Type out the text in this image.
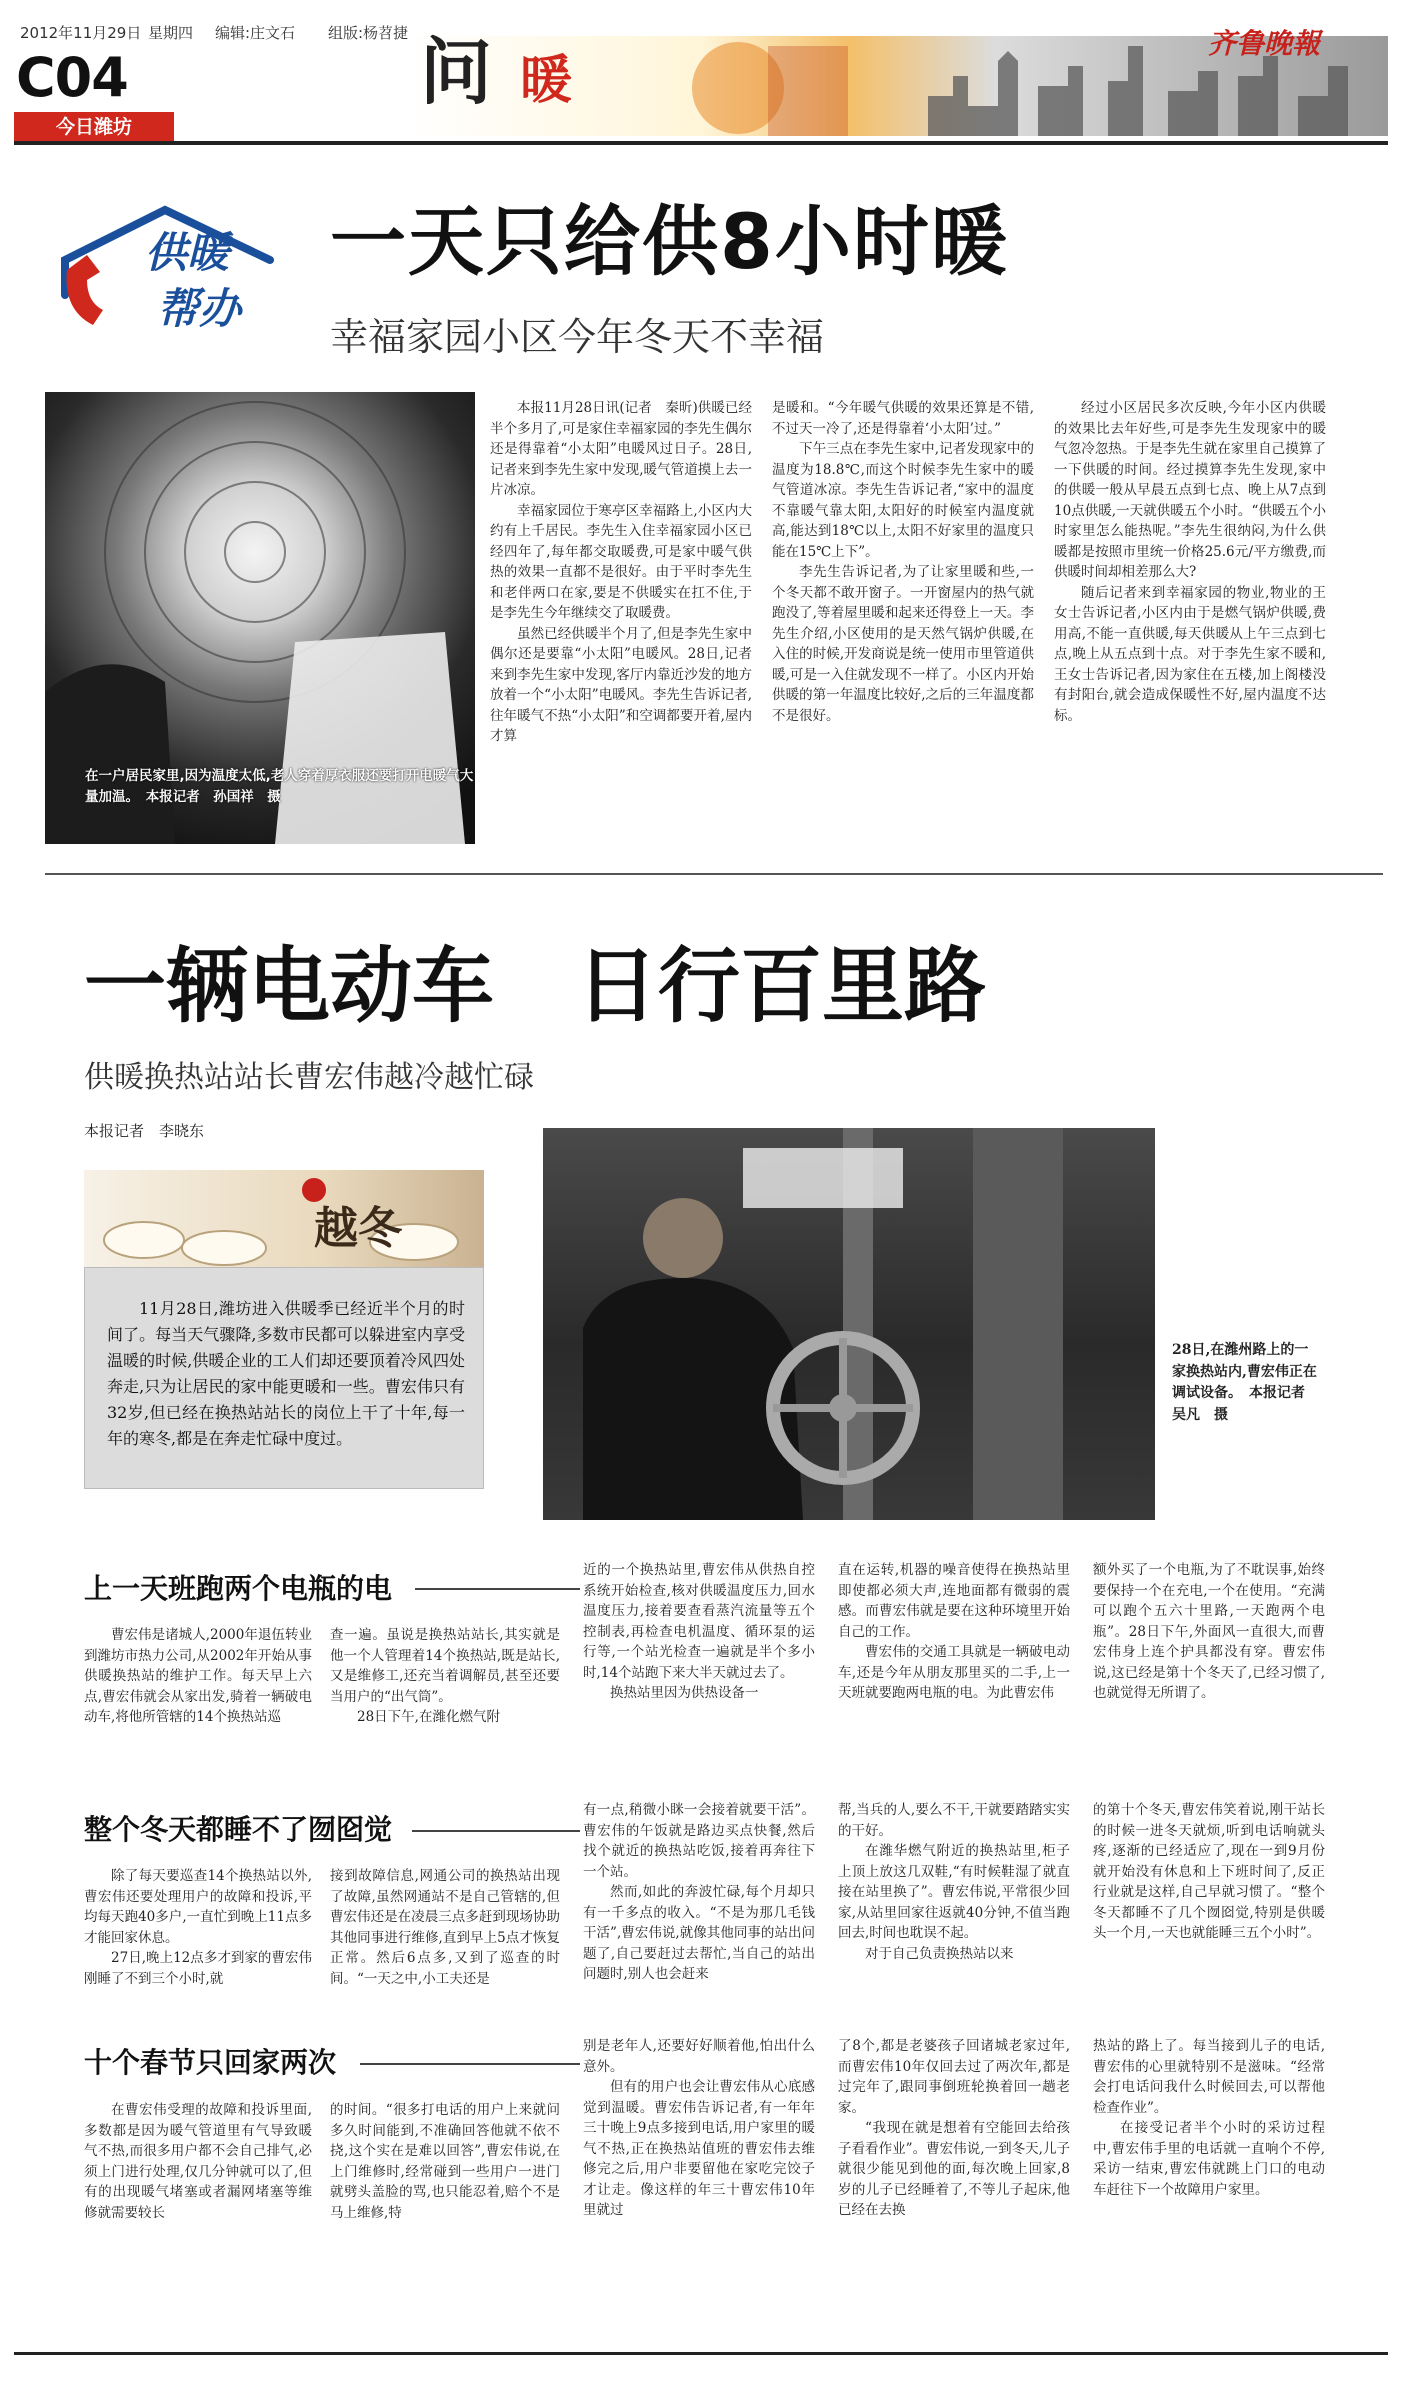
2012年11月29日 星期四 编辑:庄文石 组版:杨苕捷
C04
今日潍坊
问 暖
齐鲁晚報
供暖
帮办
一天只给供8小时暖
幸福家园小区今年冬天不幸福
在一户居民家里,因为温度太低,老人穿着厚衣服还要打开电暖气大量加温。　本报记者　孙国祥　摄

本报11月28日讯(记者　秦昕)供暖已经半个多月了,可是家住幸福家园的李先生偶尔还是得靠着“小太阳”电暖风过日子。28日,记者来到李先生家中发现,暖气管道摸上去一片冰凉。

幸福家园位于寒亭区幸福路上,小区内大约有上千居民。李先生入住幸福家园小区已经四年了,每年都交取暖费,可是家中暖气供热的效果一直都不是很好。由于平时李先生和老伴两口在家,要是不供暖实在扛不住,于是李先生今年继续交了取暖费。

虽然已经供暖半个月了,但是李先生家中偶尔还是要靠“小太阳”电暖风。28日,记者来到李先生家中发现,客厅内靠近沙发的地方放着一个“小太阳”电暖风。李先生告诉记者,往年暖气不热“小太阳”和空调都要开着,屋内才算

是暖和。“今年暖气供暖的效果还算是不错,不过天一冷了,还是得靠着‘小太阳’过。”

下午三点在李先生家中,记者发现家中的温度为18.8℃,而这个时候李先生家中的暖气管道冰凉。李先生告诉记者,“家中的温度不靠暖气靠太阳,太阳好的时候室内温度就高,能达到18℃以上,太阳不好家里的温度只能在15℃上下”。

李先生告诉记者,为了让家里暖和些,一个冬天都不敢开窗子。一开窗屋内的热气就跑没了,等着屋里暖和起来还得登上一天。李先生介绍,小区使用的是天然气锅炉供暖,在入住的时候,开发商说是统一使用市里管道供暖,可是一入住就发现不一样了。小区内开始供暖的第一年温度比较好,之后的三年温度都不是很好。

经过小区居民多次反映,今年小区内供暖的效果比去年好些,可是李先生发现家中的暖气忽冷忽热。于是李先生就在家里自己摸算了一下供暖的时间。经过摸算李先生发现,家中的供暖一般从早晨五点到七点、晚上从7点到10点供暖,一天就供暖五个小时。“供暖五个小时家里怎么能热呢。”李先生很纳闷,为什么供暖都是按照市里统一价格25.6元/平方缴费,而供暖时间却相差那么大?

随后记者来到幸福家园的物业,物业的王女士告诉记者,小区内由于是燃气锅炉供暖,费用高,不能一直供暖,每天供暖从上午三点到七点,晚上从五点到十点。对于李先生家不暖和,王女士告诉记者,因为家住在五楼,加上阁楼没有封阳台,就会造成保暖性不好,屋内温度不达标。

一辆电动车　日行百里路
供暖换热站站长曹宏伟越冷越忙碌
本报记者　李晓东
越冬
11月28日,潍坊进入供暖季已经近半个月的时间了。每当天气骤降,多数市民都可以躲进室内享受温暖的时候,供暖企业的工人们却还要顶着冷风四处奔走,只为让居民的家中能更暖和一些。曹宏伟只有32岁,但已经在换热站站长的岗位上干了十年,每一年的寒冬,都是在奔走忙碌中度过。
28日,在潍州路上的一家换热站内,曹宏伟正在调试设备。　本报记者　吴凡　摄
上一天班跑两个电瓶的电

曹宏伟是诸城人,2000年退伍转业到潍坊市热力公司,从2002年开始从事供暖换热站的维护工作。每天早上六点,曹宏伟就会从家出发,骑着一辆破电动车,将他所管辖的14个换热站巡

查一遍。虽说是换热站站长,其实就是他一个人管理着14个换热站,既是站长,又是维修工,还充当着调解员,甚至还要当用户的“出气筒”。

28日下午,在潍化燃气附

近的一个换热站里,曹宏伟从供热自控系统开始检查,核对供暖温度压力,回水温度压力,接着要查看蒸汽流量等五个控制表,再检查电机温度、循环泵的运行等,一个站光检查一遍就是半个多小时,14个站跑下来大半天就过去了。

换热站里因为供热设备一

直在运转,机器的噪音使得在换热站里即使都必须大声,连地面都有微弱的震感。而曹宏伟就是要在这种环境里开始自己的工作。

曹宏伟的交通工具就是一辆破电动车,还是今年从朋友那里买的二手,上一天班就要跑两电瓶的电。为此曹宏伟

额外买了一个电瓶,为了不耽误事,始终要保持一个在充电,一个在使用。“充满可以跑个五六十里路,一天跑两个电瓶”。28日下午,外面风一直很大,而曹宏伟身上连个护具都没有穿。曹宏伟说,这已经是第十个冬天了,已经习惯了,也就觉得无所谓了。

整个冬天都睡不了囫囵觉

除了每天要巡查14个换热站以外,曹宏伟还要处理用户的故障和投诉,平均每天跑40多户,一直忙到晚上11点多才能回家休息。

27日,晚上12点多才到家的曹宏伟刚睡了不到三个小时,就

接到故障信息,网通公司的换热站出现了故障,虽然网通站不是自己管辖的,但曹宏伟还是在凌晨三点多赶到现场协助其他同事进行维修,直到早上5点才恢复正常。然后6点多,又到了巡查的时间。“一天之中,小工夫还是

有一点,稍微小眯一会接着就要干活”。曹宏伟的午饭就是路边买点快餐,然后找个就近的换热站吃饭,接着再奔往下一个站。

然而,如此的奔波忙碌,每个月却只有一千多点的收入。“不是为那几毛钱干活”,曹宏伟说,就像其他同事的站出问题了,自己要赶过去帮忙,当自己的站出问题时,别人也会赶来

帮,当兵的人,要么不干,干就要踏踏实实的干好。

在潍华燃气附近的换热站里,柜子上顶上放这几双鞋,“有时候鞋湿了就直接在站里换了”。曹宏伟说,平常很少回家,从站里回家往返就40分钟,不值当跑回去,时间也耽误不起。

对于自己负责换热站以来

的第十个冬天,曹宏伟笑着说,刚干站长的时候一进冬天就烦,听到电话响就头疼,逐渐的已经适应了,现在一到9月份就开始没有休息和上下班时间了,反正行业就是这样,自己早就习惯了。“整个冬天都睡不了几个囫囵觉,特别是供暖头一个月,一天也就能睡三五个小时”。

十个春节只回家两次

在曹宏伟受理的故障和投诉里面,多数都是因为暖气管道里有气导致暖气不热,而很多用户都不会自己排气,必须上门进行处理,仅几分钟就可以了,但有的出现暖气堵塞或者漏网堵塞等维修就需要较长

的时间。“很多打电话的用户上来就问多久时间能到,不准确回答他就不依不挠,这个实在是难以回答”,曹宏伟说,在上门维修时,经常碰到一些用户一进门就劈头盖脸的骂,也只能忍着,赔个不是马上维修,特

别是老年人,还要好好顺着他,怕出什么意外。

但有的用户也会让曹宏伟从心底感觉到温暖。曹宏伟告诉记者,有一年年三十晚上9点多接到电话,用户家里的暖气不热,正在换热站值班的曹宏伟去维修完之后,用户非要留他在家吃完饺子才让走。像这样的年三十曹宏伟10年里就过

了8个,都是老婆孩子回诸城老家过年,而曹宏伟10年仅回去过了两次年,都是过完年了,跟同事倒班轮换着回一趟老家。

“我现在就是想着有空能回去给孩子看看作业”。曹宏伟说,一到冬天,儿子就很少能见到他的面,每次晚上回家,8岁的儿子已经睡着了,不等儿子起床,他已经在去换

热站的路上了。每当接到儿子的电话,曹宏伟的心里就特别不是滋味。“经常会打电话问我什么时候回去,可以帮他检查作业”。

在接受记者半个小时的采访过程中,曹宏伟手里的电话就一直响个不停,采访一结束,曹宏伟就跳上门口的电动车赶往下一个故障用户家里。
